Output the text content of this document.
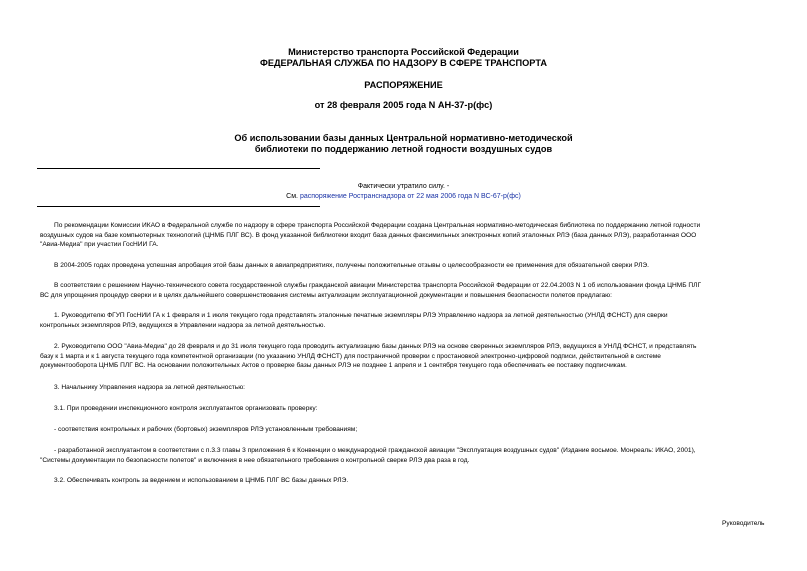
Министерство транспорта Российской Федерации
ФЕДЕРАЛЬНАЯ СЛУЖБА ПО НАДЗОРУ В СФЕРЕ ТРАНСПОРТА
РАСПОРЯЖЕНИЕ
от 28 февраля 2005 года N АН-37-р(фс)
Об использовании базы данных Центральной нормативно-методической
библиотеки по поддержанию летной годности воздушных судов
Фактически утратило силу. -
См. распоряжение Ространснадзора от 22 мая 2006 года N ВС-67-р(фс)
По рекомендации Комиссии ИКАО в Федеральной службе по надзору в сфере транспорта Российской Федерации создана Центральная нормативно-методическая библиотека по поддержанию летной годности
воздушных судов на базе компьютерных технологий (ЦНМБ ПЛГ ВС). В фонд указанной библиотеки входит база данных факсимильных электронных копий эталонных РЛЭ (база данных РЛЭ), разработанная ООО
"Авиа-Медиа" при участии ГосНИИ ГА.
В 2004-2005 годах проведена успешная апробация этой базы данных в авиапредприятиях, получены положительные отзывы о целесообразности ее применения для обязательной сверки РЛЭ.
В соответствии с решением Научно-технического совета государственной службы гражданской авиации Министерства транспорта Российской Федерации от 22.04.2003 N 1 об использовании фонда ЦНМБ ПЛГ
ВС для упрощения процедур сверки и в целях дальнейшего совершенствования системы актуализации эксплуатационной документации и повышения безопасности полетов предлагаю:
1. Руководителю ФГУП ГосНИИ ГА к 1 февраля и 1 июля текущего года представлять эталонные печатные экземпляры РЛЭ Управлению надзора за летной деятельностью (УНЛД ФСНСТ) для сверки
контрольных экземпляров РЛЭ, ведущихся в Управлении надзора за летной деятельностью.
2. Руководителю ООО "Авиа-Медиа" до 28 февраля и до 31 июля текущего года проводить актуализацию базы данных РЛЭ на основе сверенных экземпляров РЛЭ, ведущихся в УНЛД ФСНСТ, и представлять
базу к 1 марта и к 1 августа текущего года компетентной организации (по указанию УНЛД ФСНСТ) для постраничной проверки с простановкой электронно-цифровой подписи, действительной в системе
документооборота ЦНМБ ПЛГ ВС. На основании положительных Актов о проверке базы данных РЛЭ не позднее 1 апреля и 1 сентября текущего года обеспечивать ее поставку подписчикам.
3. Начальнику Управления надзора за летной деятельностью:
3.1. При проведении инспекционного контроля эксплуатантов организовать проверку:
- соответствия контрольных и рабочих (бортовых) экземпляров РЛЭ установленным требованиям;
- разработанной эксплуатантом в соответствии с п.3.3 главы 3 приложения 6 к Конвенции о международной гражданской авиации "Эксплуатация воздушных судов" (Издание восьмое. Монреаль: ИКАО, 2001),
"Системы документации по безопасности полетов" и включения в нее обязательного требования о контрольной сверке РЛЭ два раза в год.
3.2. Обеспечивать контроль за ведением и использованием в ЦНМБ ПЛГ ВС базы данных РЛЭ.
Руководитель
